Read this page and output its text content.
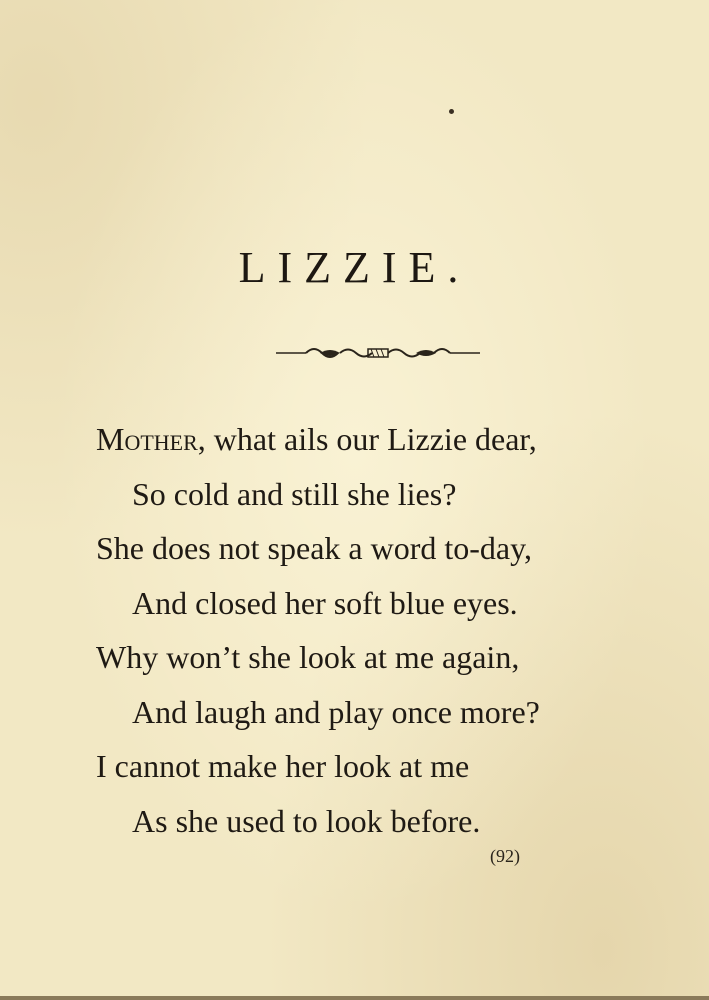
LIZZIE.
Mother, what ails our Lizzie dear,
So cold and still she lies?
She does not speak a word to-day,
And closed her soft blue eyes.
Why won’t she look at me again,
And laugh and play once more?
I cannot make her look at me
As she used to look before.
(92)
